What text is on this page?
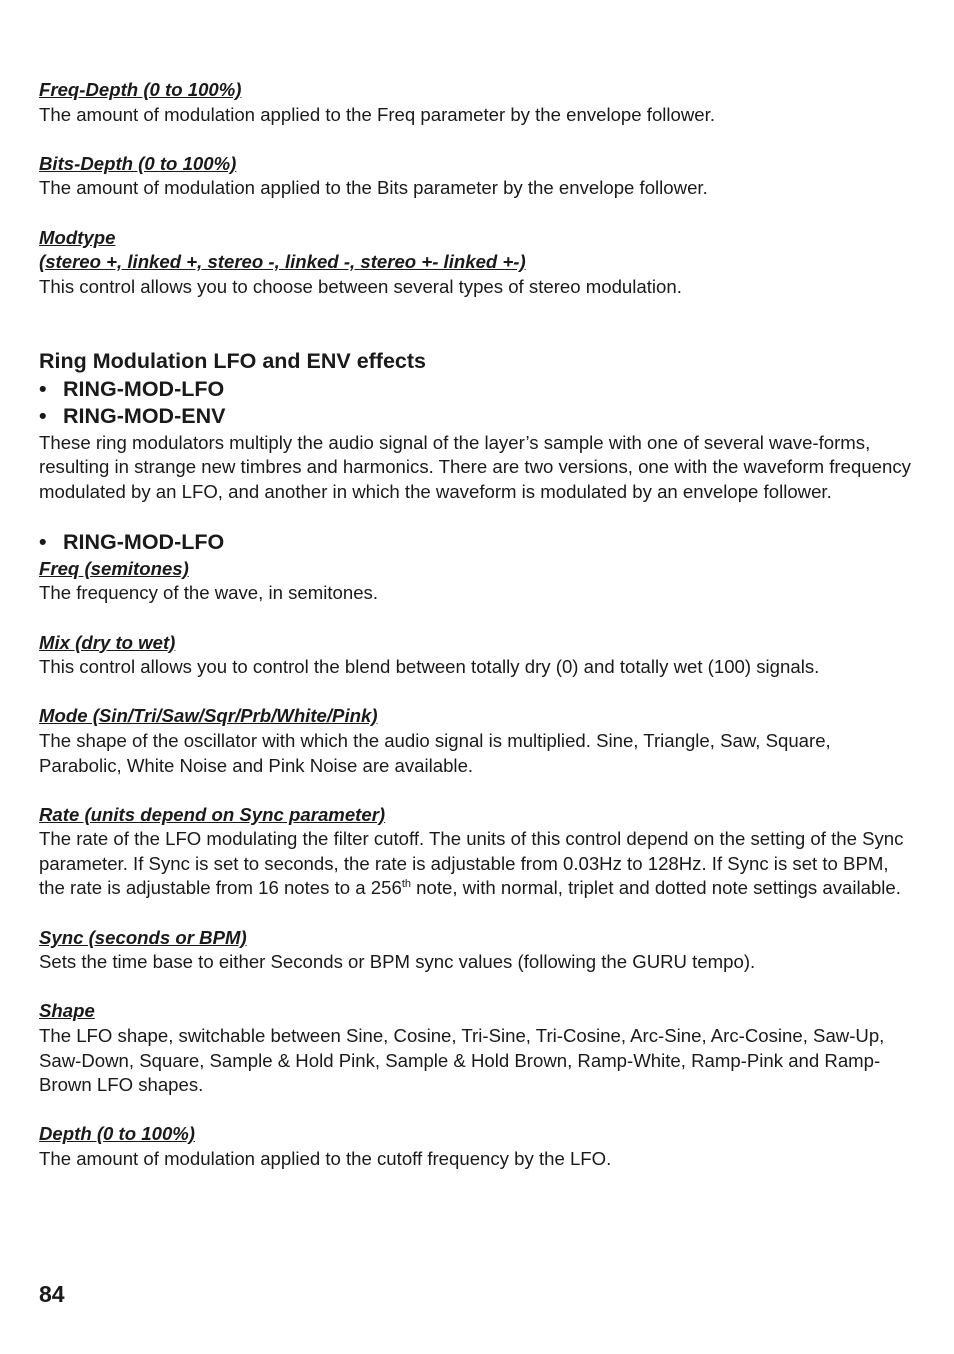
Freq-Depth (0 to 100%)

The amount of modulation applied to the Freq parameter by the envelope follower.

Bits-Depth (0 to 100%)

The amount of modulation applied to the Bits parameter by the envelope follower.

Modtype

(stereo +, linked +, stereo -, linked -, stereo +- linked +-)

This control allows you to choose between several types of stereo modulation.

Ring Modulation LFO and ENV effects

• RING-MOD-LFO

• RING-MOD-ENV

These ring modulators multiply the audio signal of the layer’s sample with one of several wave-forms, resulting in strange new timbres and harmonics. There are two versions, one with the waveform frequency modulated by an LFO, and another in which the waveform is modulated by an envelope follower.

• RING-MOD-LFO

Freq (semitones)

The frequency of the wave, in semitones.

Mix (dry to wet)

This control allows you to control the blend between totally dry (0) and totally wet (100) signals.

Mode (Sin/Tri/Saw/Sqr/Prb/White/Pink)

The shape of the oscillator with which the audio signal is multiplied. Sine, Triangle, Saw, Square, Parabolic, White Noise and Pink Noise are available.

Rate (units depend on Sync parameter)

The rate of the LFO modulating the filter cutoff. The units of this control depend on the setting of the Sync parameter. If Sync is set to seconds, the rate is adjustable from 0.03Hz to 128Hz. If Sync is set to BPM, the rate is adjustable from 16 notes to a 256th note, with normal, triplet and dotted note settings available.

Sync (seconds or BPM)

Sets the time base to either Seconds or BPM sync values (following the GURU tempo).

Shape

The LFO shape, switchable between Sine, Cosine, Tri-Sine, Tri-Cosine, Arc-Sine, Arc-Cosine, Saw-Up, Saw-Down, Square, Sample & Hold Pink, Sample & Hold Brown, Ramp-White, Ramp-Pink and Ramp-Brown LFO shapes.

Depth (0 to 100%)

The amount of modulation applied to the cutoff frequency by the LFO.

84
